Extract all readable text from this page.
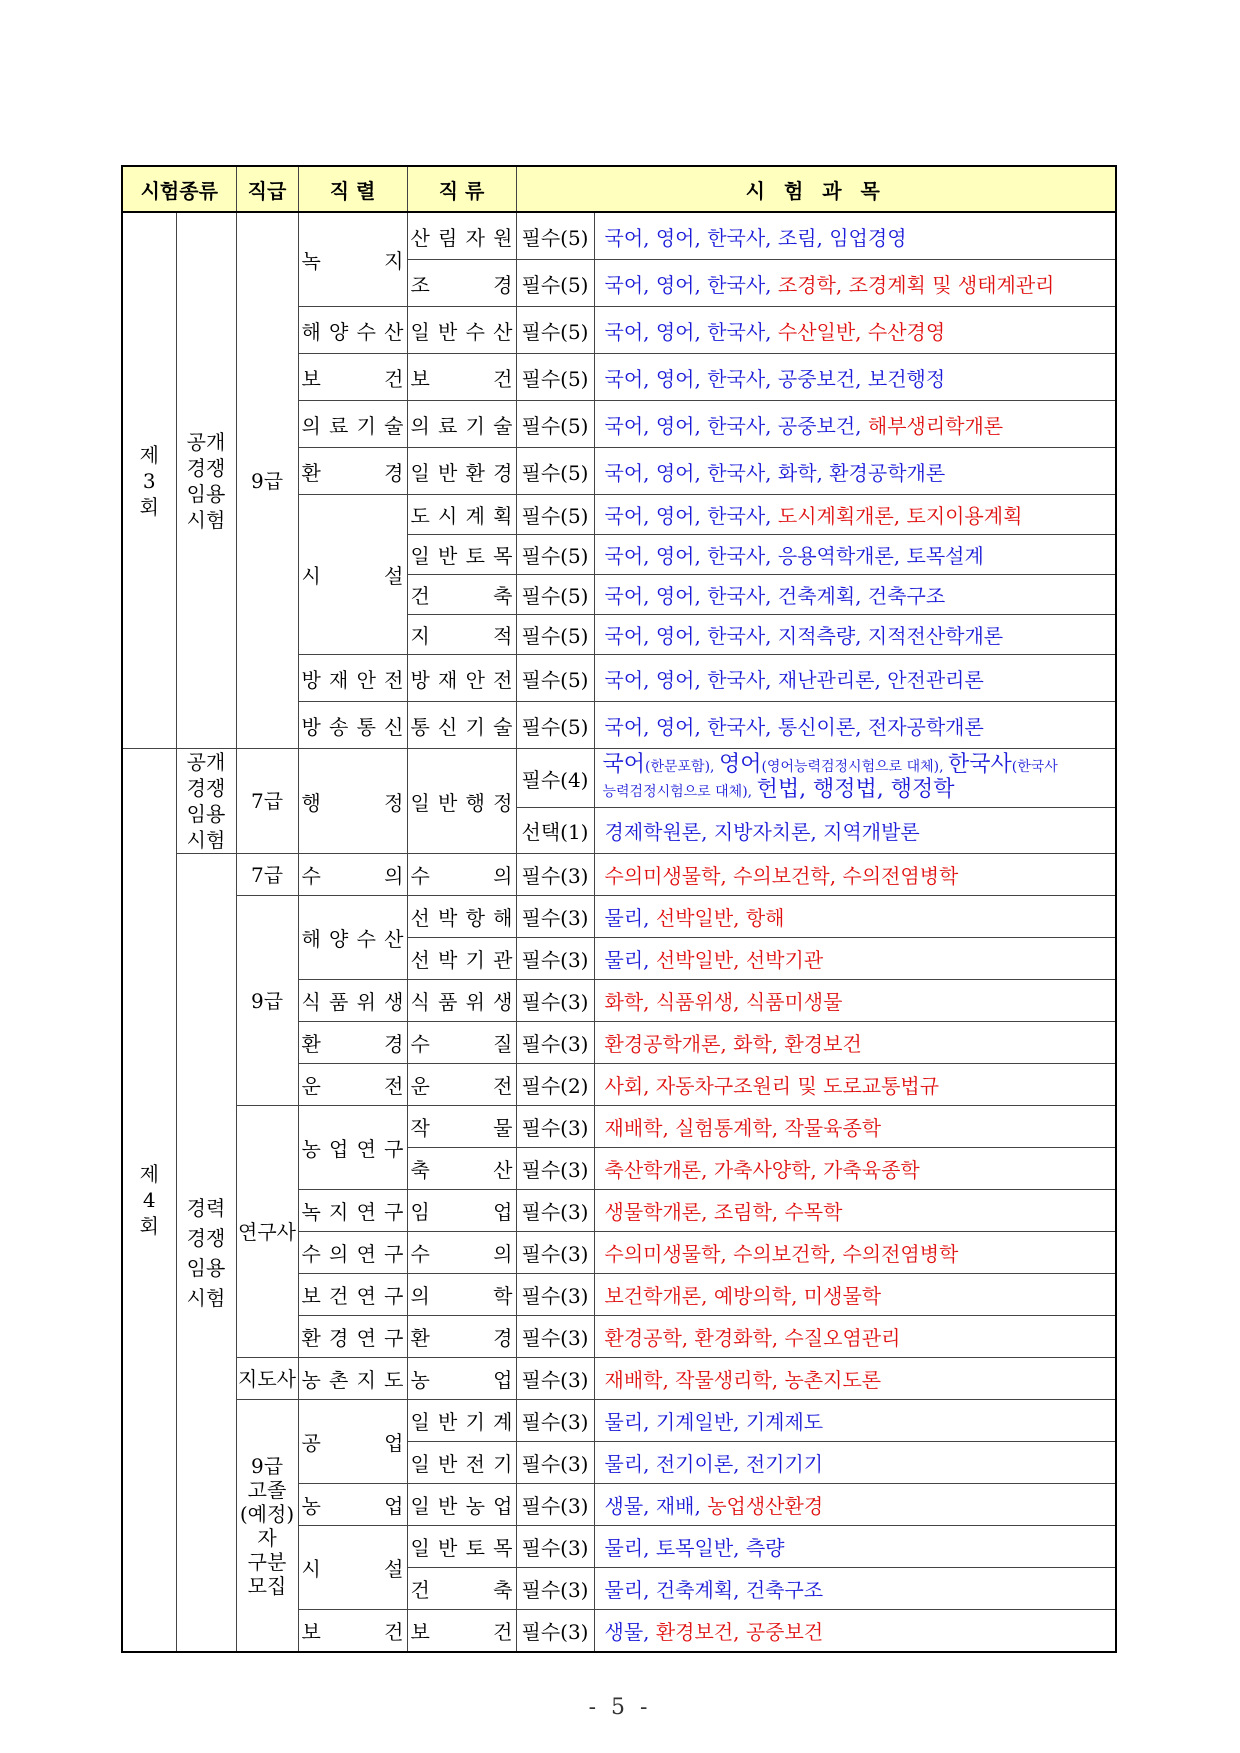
시험종류		직급	직 렬	직 류	시 험 과 목	
제
3
회	공개
경쟁
임용
시험	9급	녹 지	산 림 자 원	필수(5)	국어, 영어, 한국사, 조림, 임업경영
				조 경	필수(5)	국어, 영어, 한국사, 조경학, 조경계획 및 생태계관리
			해 양 수 산	일 반 수 산	필수(5)	국어, 영어, 한국사, 수산일반, 수산경영
			보 건	보 건	필수(5)	국어, 영어, 한국사, 공중보건, 보건행정
			의 료 기 술	의 료 기 술	필수(5)	국어, 영어, 한국사, 공중보건, 해부생리학개론
			환 경	일 반 환 경	필수(5)	국어, 영어, 한국사, 화학, 환경공학개론
			시 설	도 시 계 획	필수(5)	국어, 영어, 한국사, 도시계획개론, 토지이용계획
				일 반 토 목	필수(5)	국어, 영어, 한국사, 응용역학개론, 토목설계
				건 축	필수(5)	국어, 영어, 한국사, 건축계획, 건축구조
				지 적	필수(5)	국어, 영어, 한국사, 지적측량, 지적전산학개론
			방 재 안 전	방 재 안 전	필수(5)	국어, 영어, 한국사, 재난관리론, 안전관리론
			방 송 통 신	통 신 기 술	필수(5)	국어, 영어, 한국사, 통신이론, 전자공학개론
제
4
회	공개
경쟁
임용
시험	7급	행 정	일 반 행 정	필수(4)	국어(한문포함), 영어(영어능력검정시험으로 대체), 한국사(한국사
능력검정시험으로 대체), 헌법, 행정법, 행정학

					선택(1)	경제학원론, 지방자치론, 지역개발론
	경력
경쟁
임용
시험	7급	수 의	수 의	필수(3)	수의미생물학, 수의보건학, 수의전염병학
		9급	해 양 수 산	선 박 항 해	필수(3)	물리, 선박일반, 항해
				선 박 기 관	필수(3)	물리, 선박일반, 선박기관
			식 품 위 생	식 품 위 생	필수(3)	화학, 식품위생, 식품미생물
			환 경	수 질	필수(3)	환경공학개론, 화학, 환경보건
			운 전	운 전	필수(2)	사회, 자동차구조원리 및 도로교통법규
		연구사	농 업 연 구	작 물	필수(3)	재배학, 실험통계학, 작물육종학
				축 산	필수(3)	축산학개론, 가축사양학, 가축육종학
			녹 지 연 구	임 업	필수(3)	생물학개론, 조림학, 수목학
			수 의 연 구	수 의	필수(3)	수의미생물학, 수의보건학, 수의전염병학
			보 건 연 구	의 학	필수(3)	보건학개론, 예방의학, 미생물학
			환 경 연 구	환 경	필수(3)	환경공학, 환경화학, 수질오염관리
		지도사	농 촌 지 도	농 업	필수(3)	재배학, 작물생리학, 농촌지도론
		9급
고졸
(예정)자
구분
모집	공 업	일 반 기 계	필수(3)	물리, 기계일반, 기계제도
				일 반 전 기	필수(3)	물리, 전기이론, 전기기기
			농 업	일 반 농 업	필수(3)	생물, 재배, 농업생산환경
			시 설	일 반 토 목	필수(3)	물리, 토목일반, 측량
				건 축	필수(3)	물리, 건축계획, 건축구조
			보 건	보 건	필수(3)	생물, 환경보건, 공중보건
- 5 -
